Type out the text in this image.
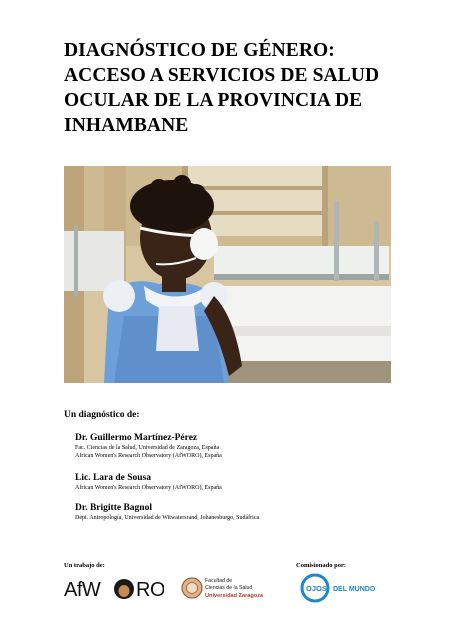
DIAGNÓSTICO DE GÉNERO:
ACCESO A SERVICIOS DE SALUD
OCULAR DE LA PROVINCIA DE
INHAMBANE
Un diagnóstico de:
Dr. Guillermo Martínez-Pérez
Fac. Ciencias de la Salud, Universidad de Zaragoza, España
African Women's Research Observatory (AfWORO), España
Lic. Lara de Sousa
African Women's Research Observatory (AfWORO), España
Dr. Brigitte Bagnol
Dept. Antropología, Universidad de Witwatersrand, Johanesburgo, Sudáfrica
Un trabajo de:	Comisionado por:
AfW RO	Facultad de
Ciencias de la Salud
Universidad Zaragoza
OJOS DEL MUNDO
